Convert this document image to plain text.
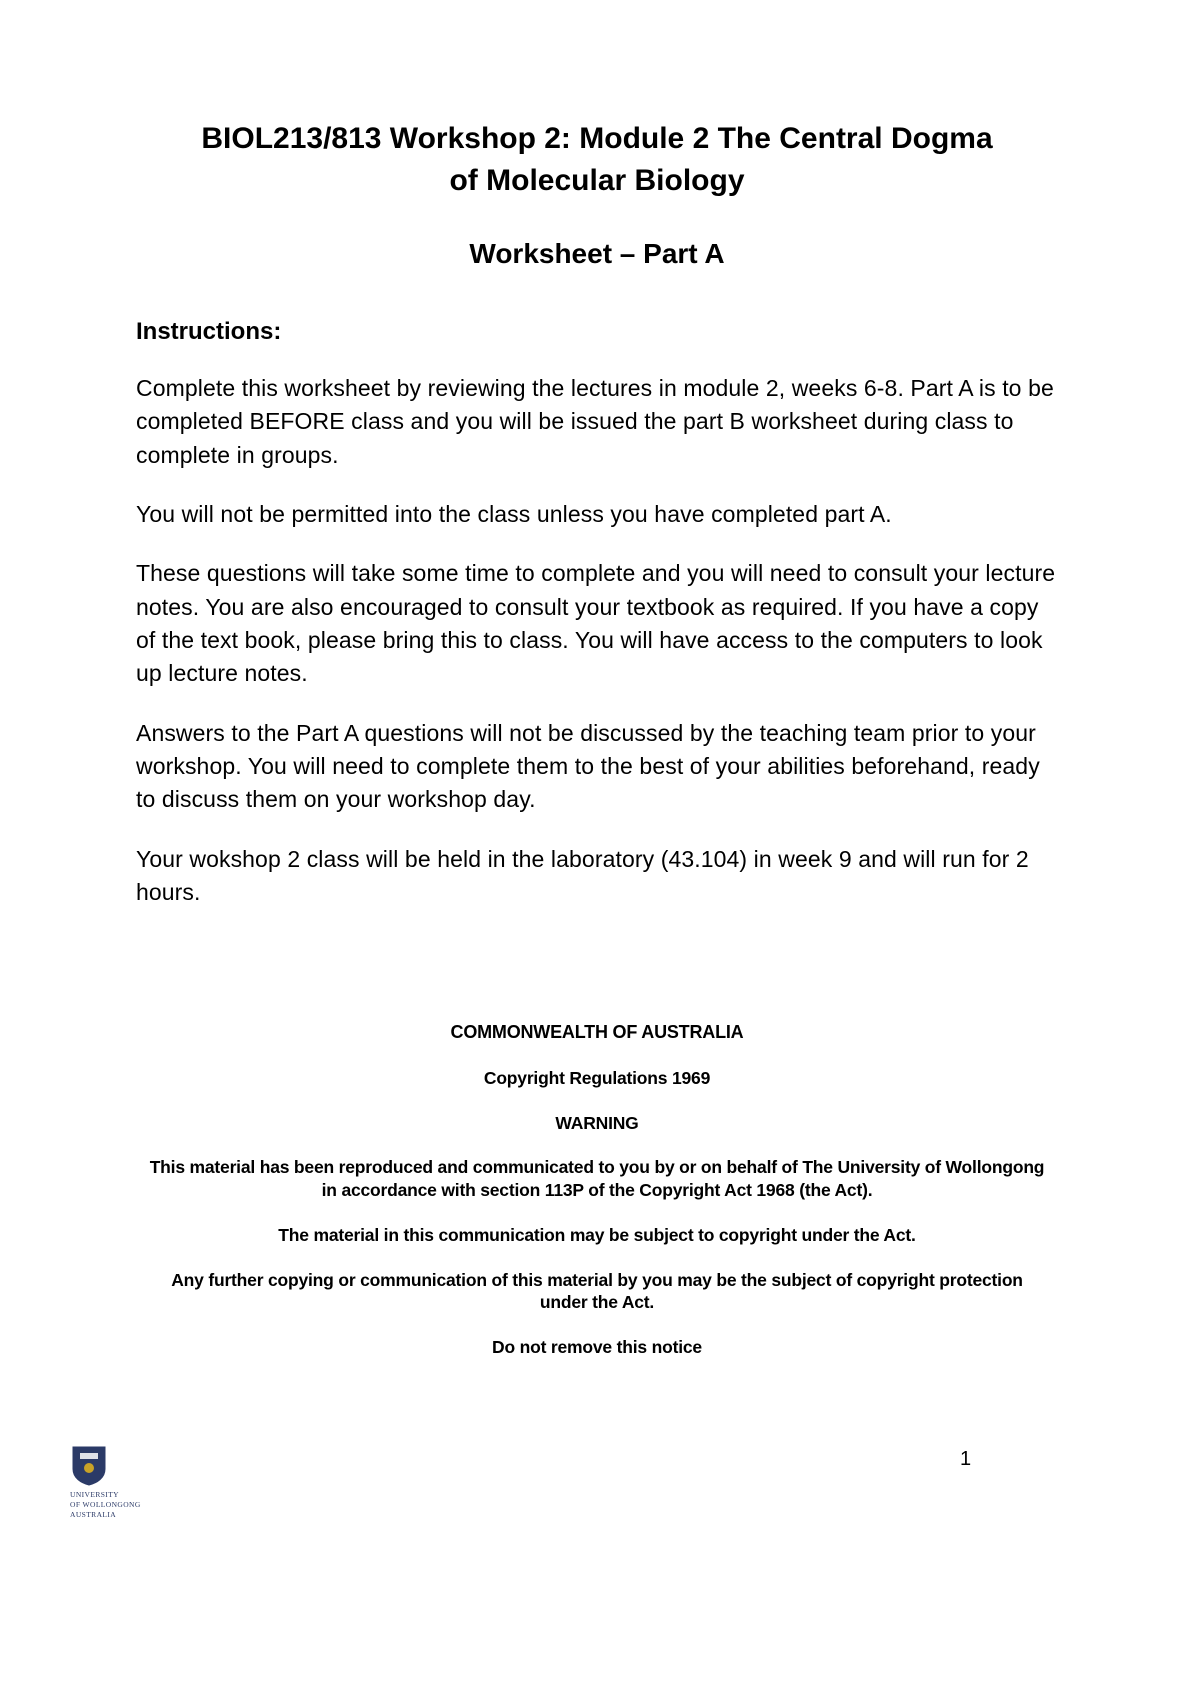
BIOL213/813 Workshop 2: Module 2 The Central Dogma of Molecular Biology
Worksheet – Part A
Instructions:

Complete this worksheet by reviewing the lectures in module 2, weeks 6-8. Part A is to be completed BEFORE class and you will be issued the part B worksheet during class to complete in groups.

You will not be permitted into the class unless you have completed part A.

These questions will take some time to complete and you will need to consult your lecture notes. You are also encouraged to consult your textbook as required. If you have a copy of the text book, please bring this to class. You will have access to the computers to look up lecture notes.

Answers to the Part A questions will not be discussed by the teaching team prior to your workshop. You will need to complete them to the best of your abilities beforehand, ready to discuss them on your workshop day.

Your wokshop 2 class will be held in the laboratory (43.104) in week 9 and will run for 2 hours.

COMMONWEALTH OF AUSTRALIA
Copyright Regulations 1969
WARNING
This material has been reproduced and communicated to you by or on behalf of The University of Wollongong in accordance with section 113P of the Copyright Act 1968 (the Act).
The material in this communication may be subject to copyright under the Act.
Any further copying or communication of this material by you may be the subject of copyright protection under the Act.
Do not remove this notice
UNIVERSITY
OF WOLLONGONG
AUSTRALIA
1
